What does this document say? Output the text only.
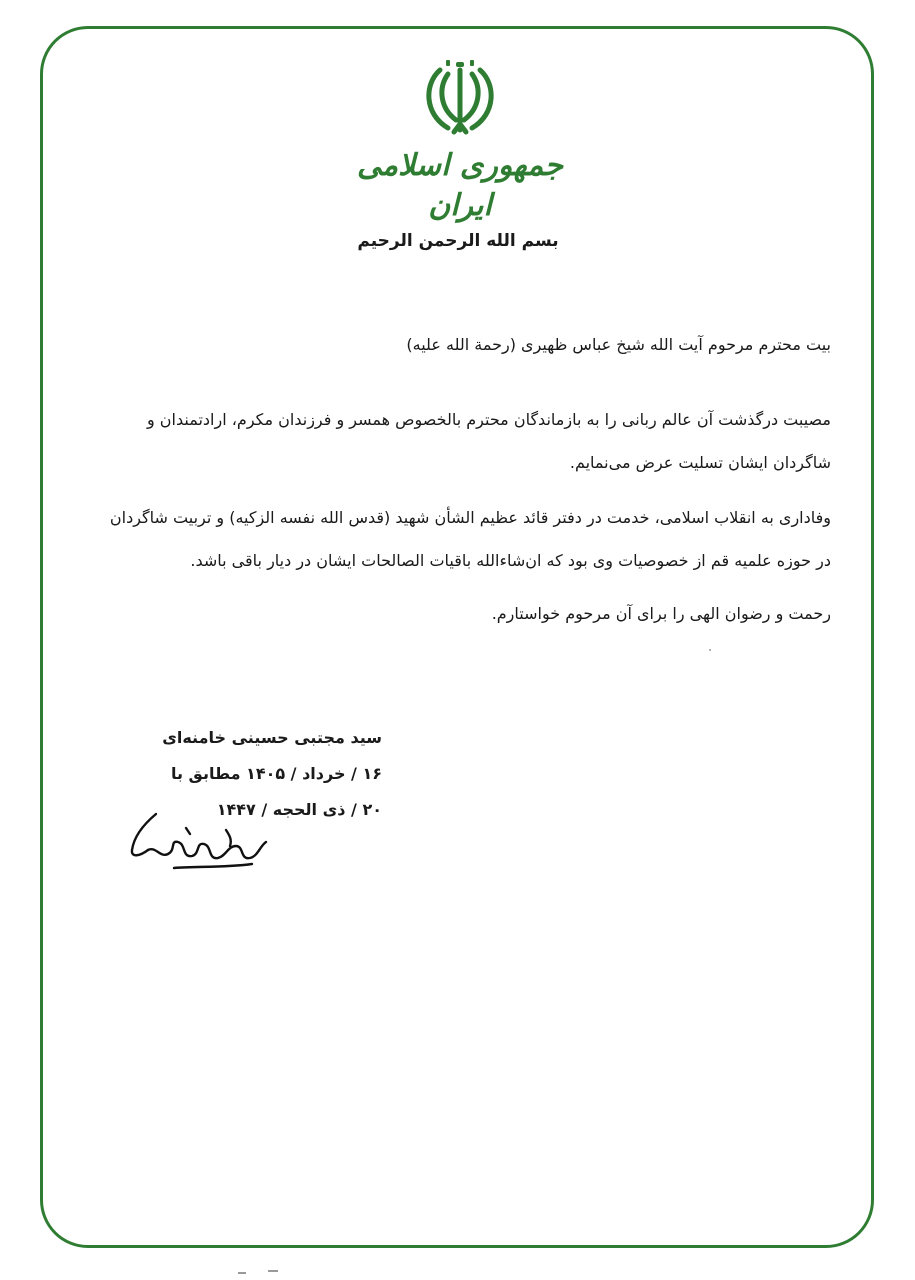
جمهوری اسلامی ایران
بسم الله الرحمن الرحیم
بیت محترم مرحوم آیت الله شیخ عباس ظهیری (رحمة الله علیه)
مصیبت درگذشت آن عالم ربانی را به بازماندگان محترم بالخصوص همسر و فرزندان مکرم، ارادتمندان و شاگردان ایشان تسلیت عرض می‌نمایم.
وفاداری به انقلاب اسلامی، خدمت در دفتر قائد عظیم الشأن شهید (قدس الله نفسه الزکیه) و تربیت شاگردان در حوزه علمیه قم از خصوصیات وی بود که ان‌شاءالله باقیات الصالحات ایشان در دیار باقی باشد.
رحمت و رضوان الهی را برای آن مرحوم خواستارم.
سید مجتبی حسینی خامنه‌ای
۱۶ / خرداد / ۱۴۰۵ مطابق با
۲۰ / ذی الحجه / ۱۴۴۷
